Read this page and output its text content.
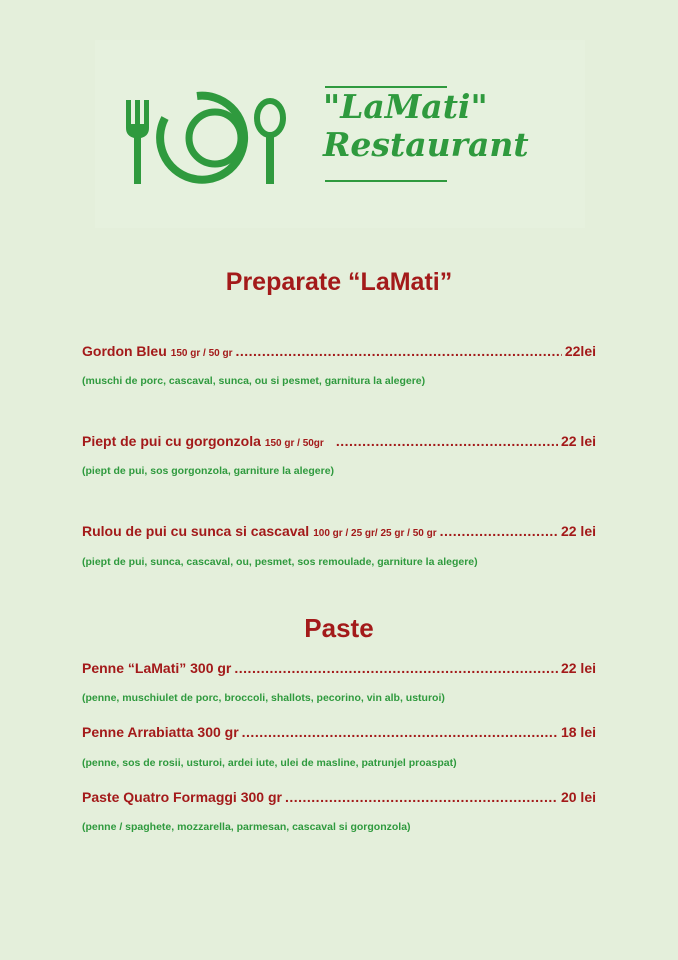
"LaMati"
Restaurant
Preparate “LaMati”
Gordon Bleu 150 gr / 50 gr .....	22lei
(muschi de porc, cascaval, sunca, ou si pesmet, garnitura la alegere)
Piept de pui cu gorgonzola 150 gr / 50gr .....	22 lei
(piept de pui, sos gorgonzola, garniture la alegere)
Rulou de pui cu sunca si cascaval 100 gr / 25 gr/ 25 gr / 50 gr .....	22 lei
(piept de pui, sunca, cascaval, ou, pesmet, sos remoulade, garniture la alegere)
Paste
Penne “LaMati” 300 gr .....	22 lei
(penne, muschiulet de porc, broccoli, shallots, pecorino, vin alb, usturoi)
Penne Arrabiatta 300 gr .....	18 lei
(penne, sos de rosii, usturoi, ardei iute, ulei de masline, patrunjel proaspat)
Paste Quatro Formaggi 300 gr .....	20 lei
(penne / spaghete, mozzarella, parmesan, cascaval si gorgonzola)
